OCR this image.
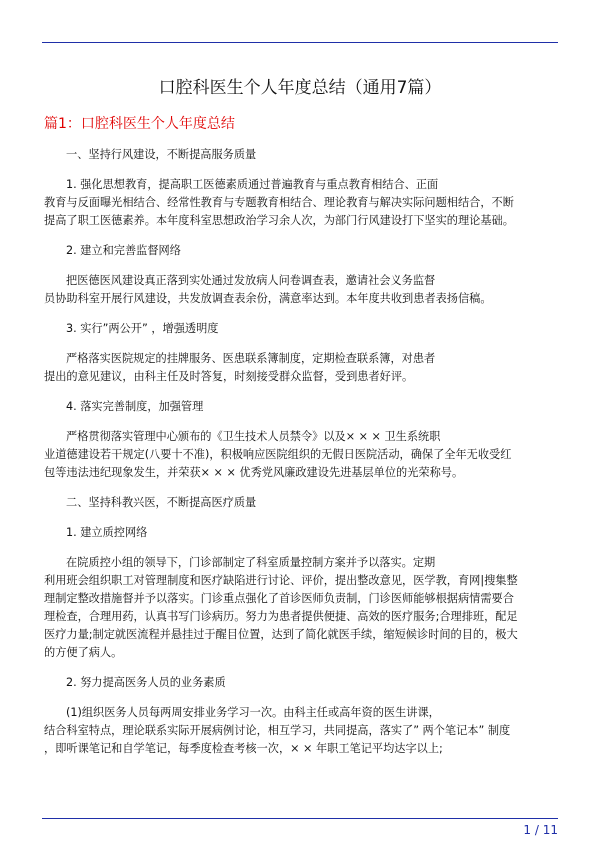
口腔科医生个人年度总结（通用7篇）
篇1：口腔科医生个人年度总结

一、坚持行风建设，不断提高服务质量

1. 强化思想教育，提高职工医德素质通过普遍教育与重点教育相结合、正面
教育与反面曝光相结合、经常性教育与专题教育相结合、理论教育与解决实际问题相结合，不断
提高了职工医德素养。本年度科室思想政治学习余人次，为部门行风建设打下坚实的理论基础。

2. 建立和完善监督网络

把医德医风建设真正落到实处通过发放病人问卷调查表，邀请社会义务监督
员协助科室开展行风建设，共发放调查表余份，满意率达到。本年度共收到患者表扬信稿。

3. 实行”两公开” ，增强透明度

严格落实医院规定的挂牌服务、医患联系簿制度，定期检查联系簿，对患者
提出的意见建议，由科主任及时答复，时刻接受群众监督，受到患者好评。

4. 落实完善制度，加强管理

严格贯彻落实管理中心颁布的《卫生技术人员禁令》以及× × × 卫生系统职
业道德建设若干规定(八要十不准)，积极响应医院组织的无假日医院活动，确保了全年无收受红
包等违法违纪现象发生，并荣获× × × 优秀党风廉政建设先进基层单位的光荣称号。

二、坚持科教兴医，不断提高医疗质量

1. 建立质控网络

在院质控小组的领导下，门诊部制定了科室质量控制方案并予以落实。定期
利用班会组织职工对管理制度和医疗缺陷进行讨论、评价，提出整改意见，医学教，育网|搜集整
理制定整改措施督并予以落实。门诊重点强化了首诊医师负责制，门诊医师能够根据病情需要合
理检查，合理用药，认真书写门诊病历。努力为患者提供便捷、高效的医疗服务;合理排班，配足
医疗力量;制定就医流程并悬挂过于醒目位置，达到了简化就医手续，缩短候诊时间的目的，极大
的方便了病人。

2. 努力提高医务人员的业务素质

(1)组织医务人员每两周安排业务学习一次。由科主任或高年资的医生讲课，
结合科室特点，理论联系实际开展病例讨论，相互学习，共同提高，落实了” 两个笔记本” 制度
，即听课笔记和自学笔记，每季度检查考核一次，× × 年职工笔记平均达字以上;

1 / 11
